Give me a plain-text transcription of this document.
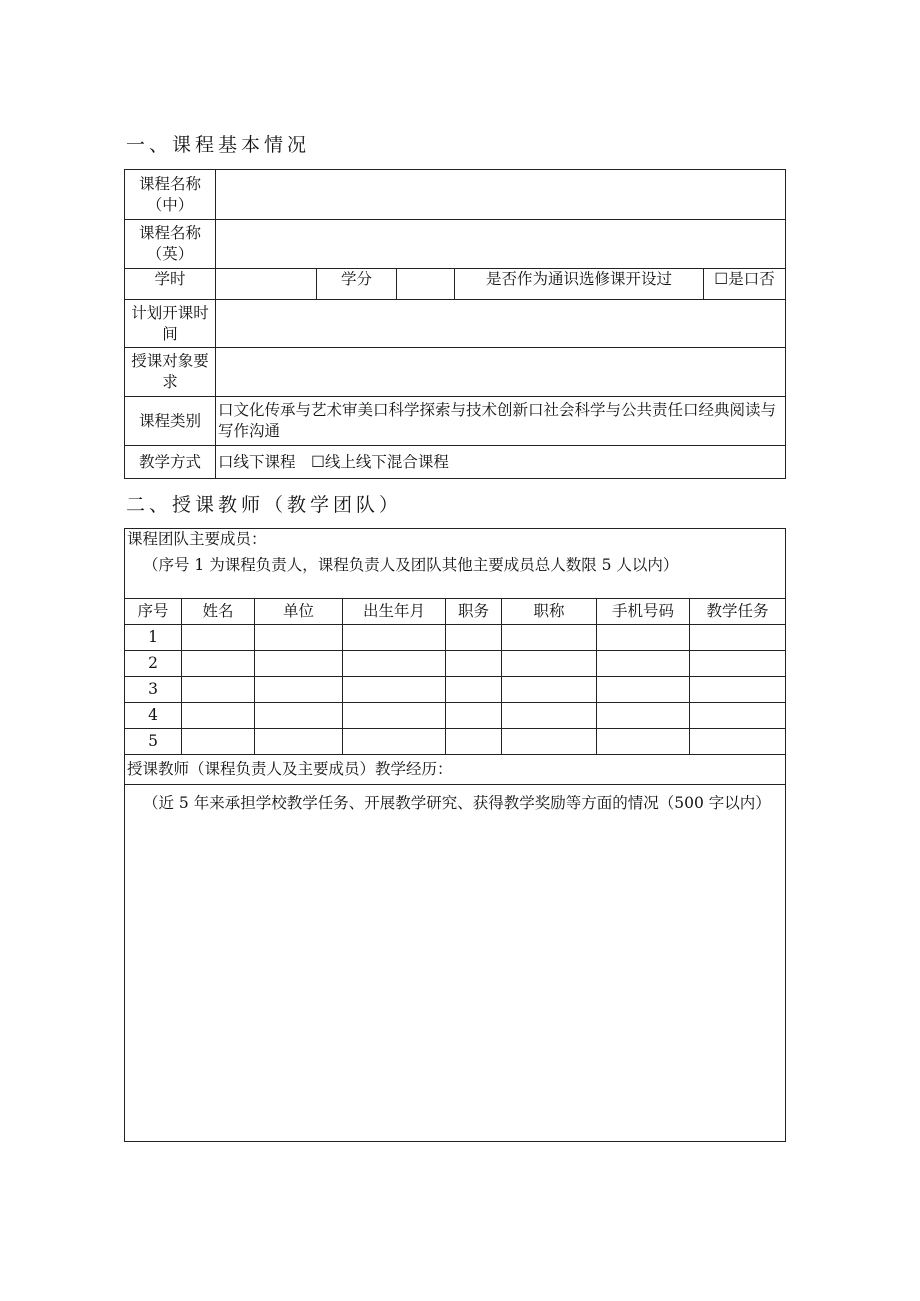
一、课程基本情况
课程名称（中）					
课程名称（英）					
学时		学分		是否作为通识选修课开设过	☐是口否
计划开课时间					
授课对象要求					
课程类别	口文化传承与艺术审美口科学探索与技术创新口社会科学与公共责任口经典阅读与写作沟通				
教学方式	口线下课程　☐线上线下混合课程				
二、授课教师（教学团队）
课程团队主要成员：
（序号 1 为课程负责人，课程负责人及团队其他主要成员总人数限 5 人以内）							

序号	姓名	单位	出生年月	职务	职称	手机号码	教学任务
1							
2							
3							
4							
5							
授课教师（课程负责人及主要成员）教学经历：							
（近 5 年来承担学校教学任务、开展教学研究、获得教学奖励等方面的情况（500 字以内）							
